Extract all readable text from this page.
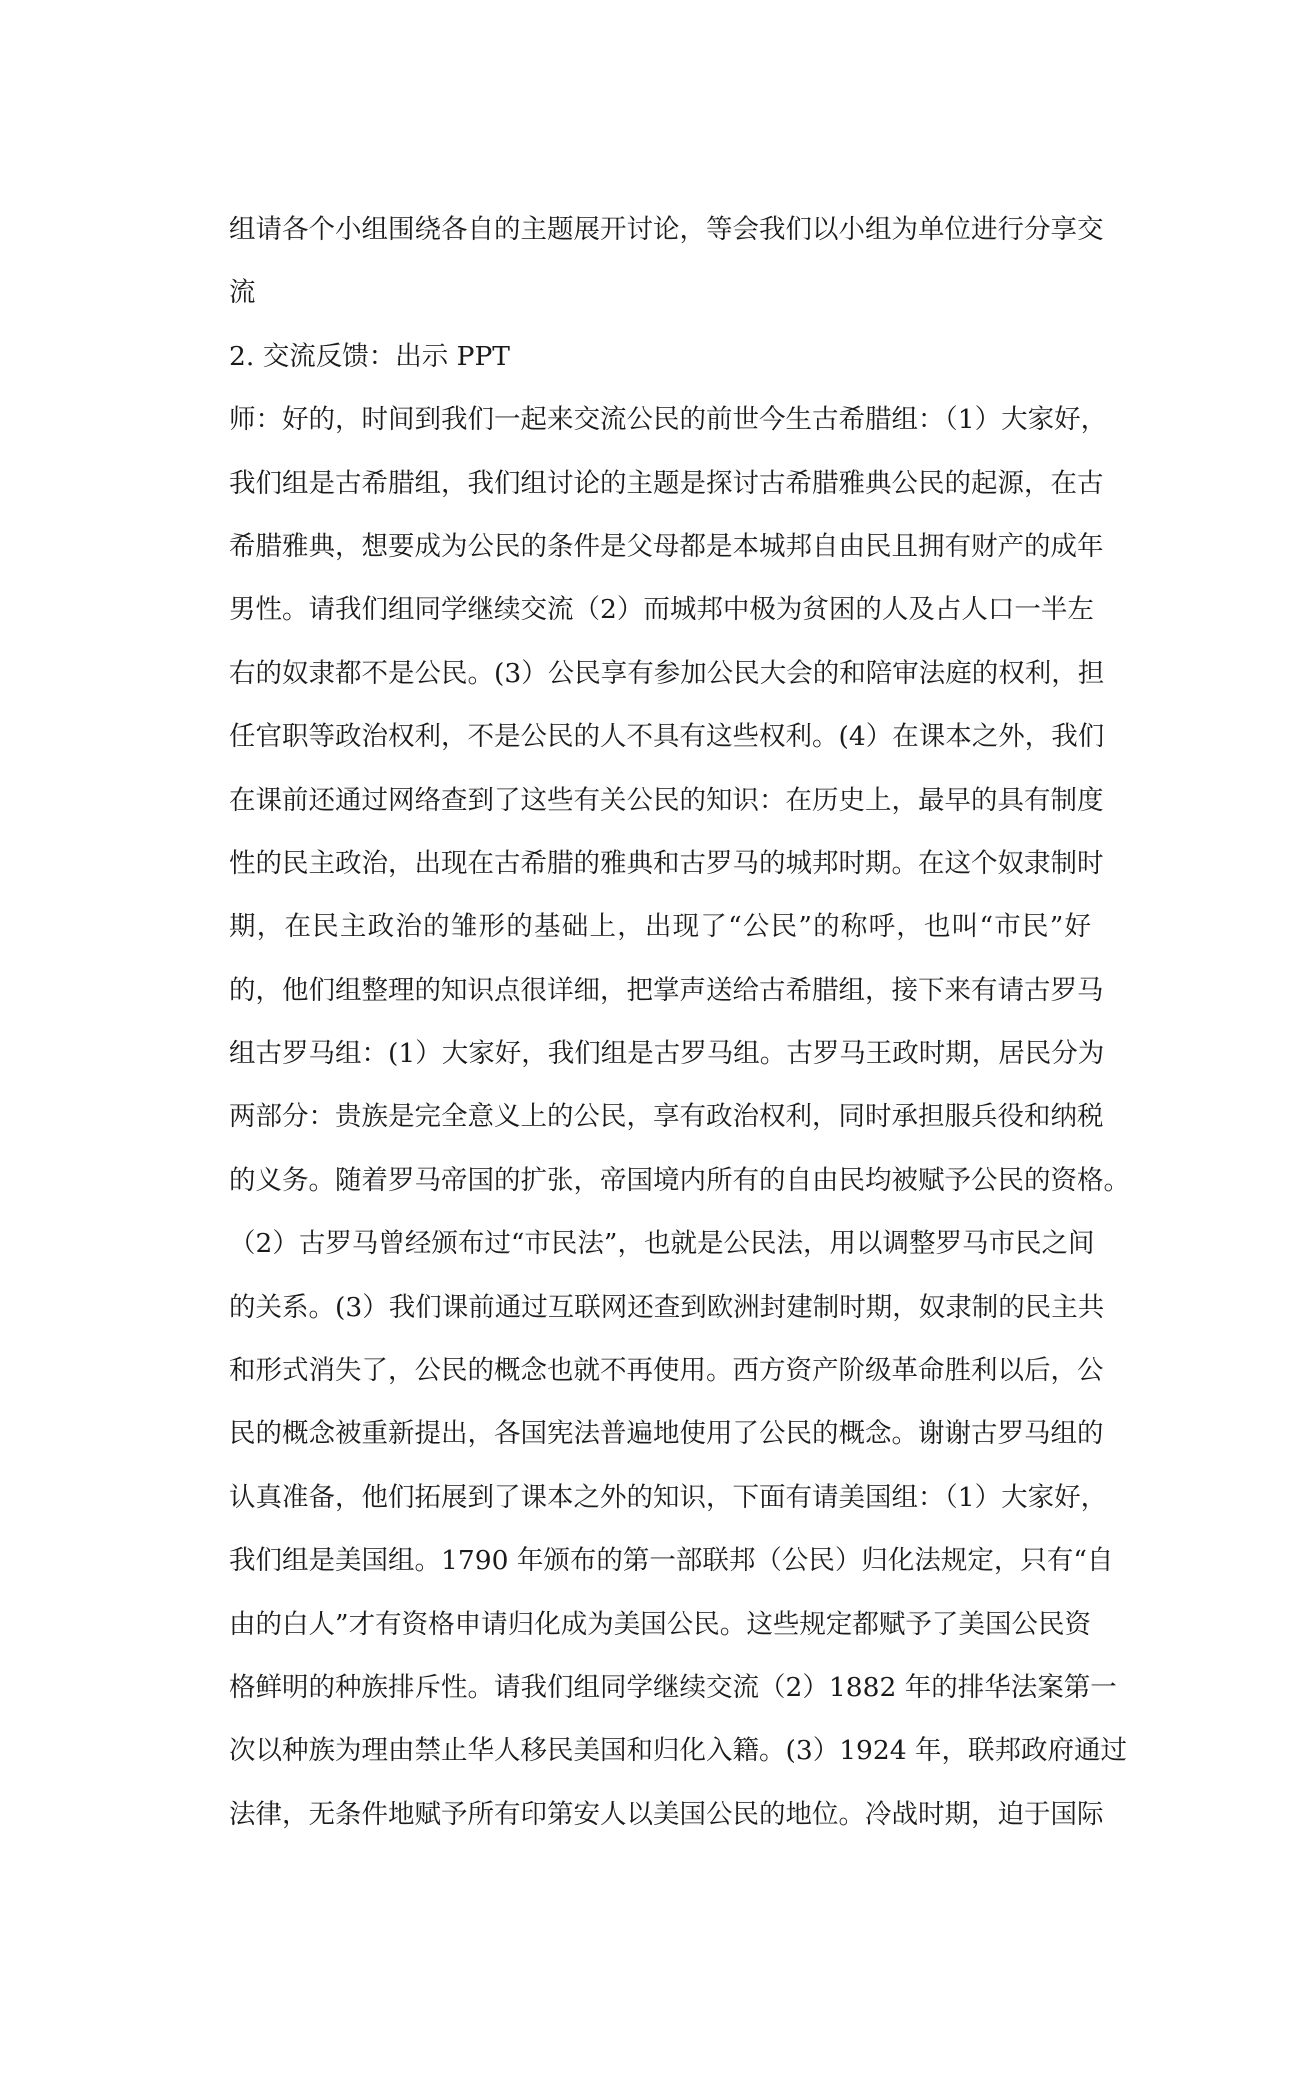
组请各个小组围绕各自的主题展开讨论，等会我们以小组为单位进行分享交
流
2. 交流反馈：出示 PPT
师：好的，时间到我们一起来交流公民的前世今生古希腊组：（1）大家好，
我们组是古希腊组，我们组讨论的主题是探讨古希腊雅典公民的起源，在古
希腊雅典，想要成为公民的条件是父母都是本城邦自由民且拥有财产的成年
男性。请我们组同学继续交流（2）而城邦中极为贫困的人及占人口一半左
右的奴隶都不是公民。(3）公民享有参加公民大会的和陪审法庭的权利，担
任官职等政治权利，不是公民的人不具有这些权利。(4）在课本之外，我们
在课前还通过网络查到了这些有关公民的知识：在历史上，最早的具有制度
性的民主政治，出现在古希腊的雅典和古罗马的城邦时期。在这个奴隶制时
期，在民主政治的雏形的基础上，出现了“公民”的称呼，也叫“市民”好
的，他们组整理的知识点很详细，把掌声送给古希腊组，接下来有请古罗马
组古罗马组：(1）大家好，我们组是古罗马组。古罗马王政时期，居民分为
两部分：贵族是完全意义上的公民，享有政治权利，同时承担服兵役和纳税
的义务。随着罗马帝国的扩张，帝国境内所有的自由民均被赋予公民的资格。
（2）古罗马曾经颁布过“市民法”，也就是公民法，用以调整罗马市民之间
的关系。(3）我们课前通过互联网还查到欧洲封建制时期，奴隶制的民主共
和形式消失了，公民的概念也就不再使用。西方资产阶级革命胜利以后，公
民的概念被重新提出，各国宪法普遍地使用了公民的概念。谢谢古罗马组的
认真准备，他们拓展到了课本之外的知识，下面有请美国组：（1）大家好，
我们组是美国组。1790 年颁布的第一部联邦（公民）归化法规定，只有“自
由的白人”才有资格申请归化成为美国公民。这些规定都赋予了美国公民资
格鲜明的种族排斥性。请我们组同学继续交流（2）1882 年的排华法案第一
次以种族为理由禁止华人移民美国和归化入籍。(3）1924 年，联邦政府通过
法律，无条件地赋予所有印第安人以美国公民的地位。冷战时期，迫于国际
